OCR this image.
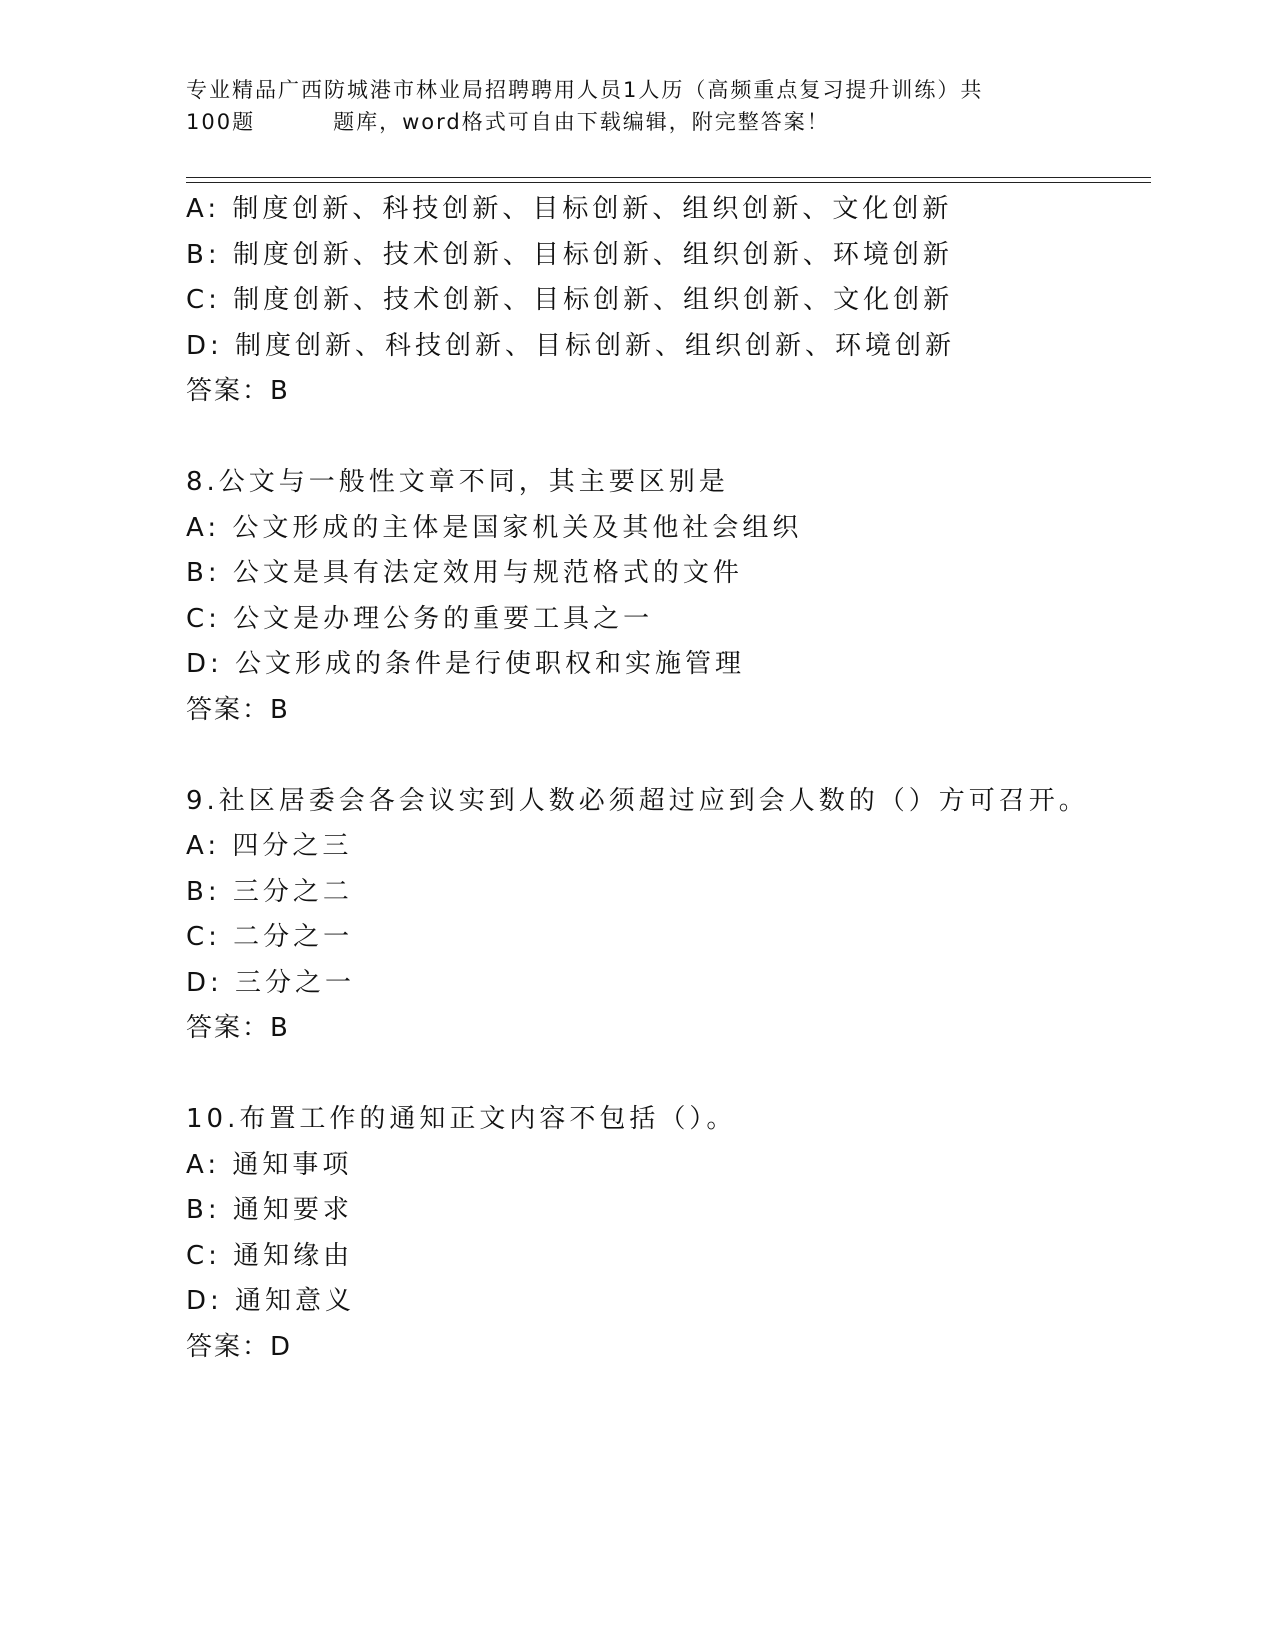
专业精品广西防城港市林业局招聘聘用人员1人历（高频重点复习提升训练）共
100题	题库，word格式可自由下载编辑，附完整答案！
A: 制度创新、科技创新、目标创新、组织创新、文化创新
B: 制度创新、技术创新、目标创新、组织创新、环境创新
C: 制度创新、技术创新、目标创新、组织创新、文化创新
D: 制度创新、科技创新、目标创新、组织创新、环境创新
答案：B
8.公文与一般性文章不同，其主要区别是
A: 公文形成的主体是国家机关及其他社会组织
B: 公文是具有法定效用与规范格式的文件
C: 公文是办理公务的重要工具之一
D: 公文形成的条件是行使职权和实施管理
答案：B
9.社区居委会各会议实到人数必须超过应到会人数的（）方可召开。
A: 四分之三
B: 三分之二
C: 二分之一
D: 三分之一
答案：B
10.布置工作的通知正文内容不包括（）。
A: 通知事项
B: 通知要求
C: 通知缘由
D: 通知意义
答案：D
